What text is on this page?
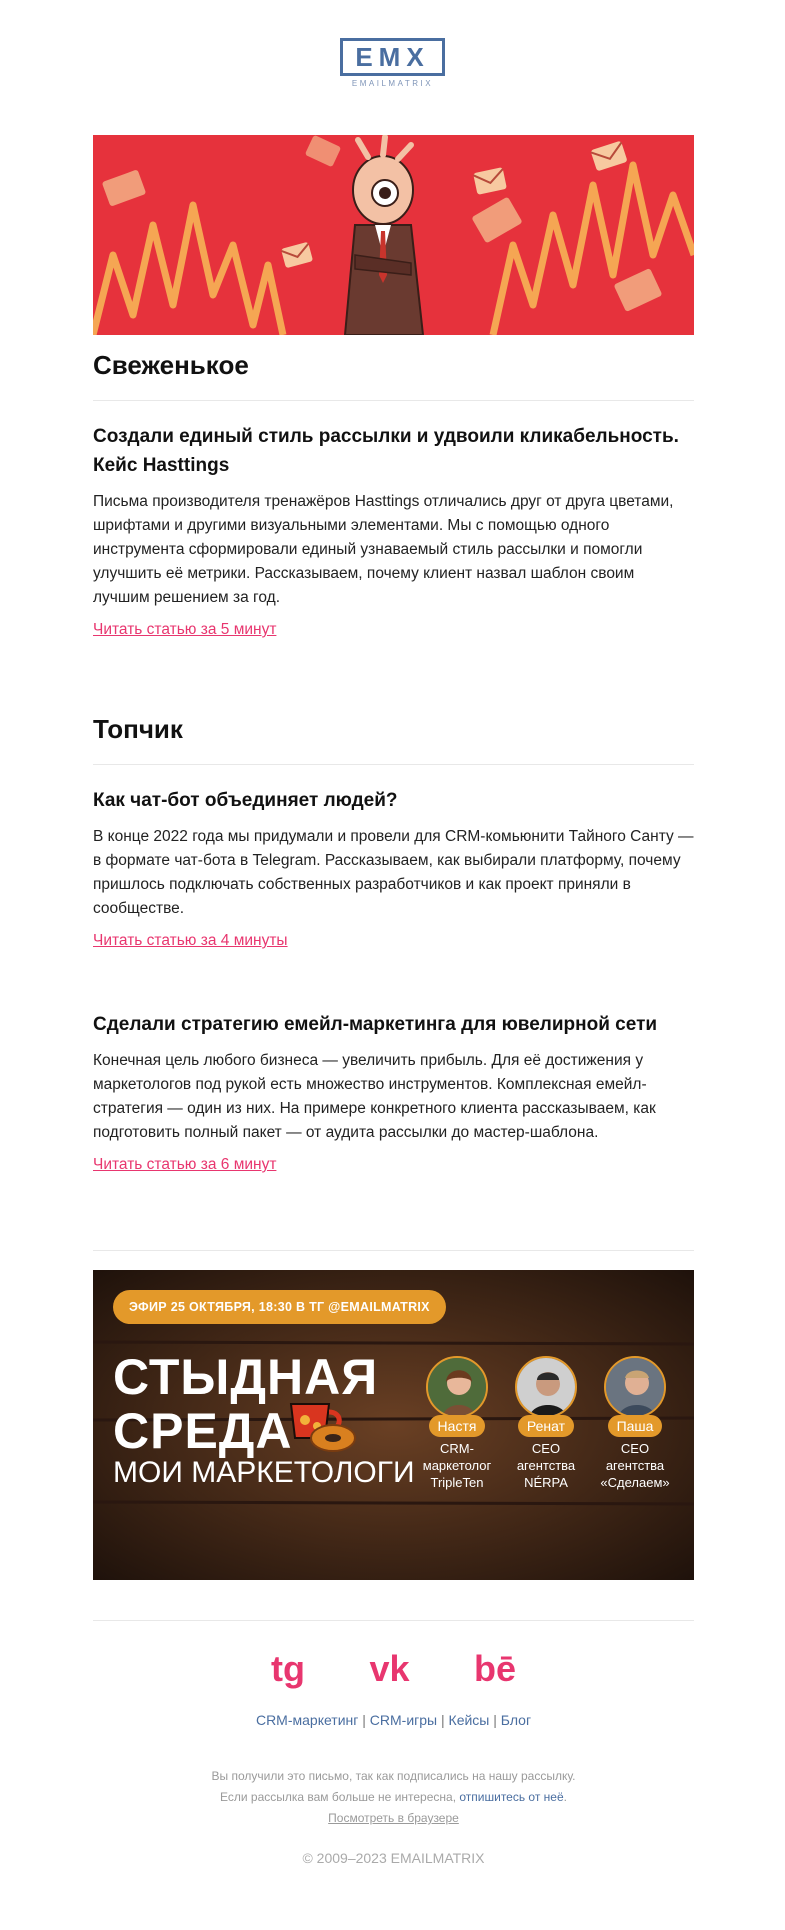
EMX
EMAILMATRIX
Свеженькое
Создали единый стиль рассылки и удвоили кликабельность. Кейс Hasttings

Письма производителя тренажёров Hasttings отличались друг от друга цветами, шрифтами и другими визуальными элементами. Мы с помощью одного инструмента сформировали единый узнаваемый стиль рассылки и помогли улучшить её метрики. Рассказываем, почему клиент назвал шаблон своим лучшим решением за год.

Читать статью за 5 минут
Топчик
Как чат-бот объединяет людей?

В конце 2022 года мы придумали и провели для CRM-комьюнити Тайного Санту — в формате чат-бота в Telegram. Рассказываем, как выбирали платформу, почему пришлось подключать собственных разработчиков и как проект приняли в сообществе.

Читать статью за 4 минуты
Сделали стратегию емейл-маркетинга для ювелирной сети

Конечная цель любого бизнеса — увеличить прибыль. Для её достижения у маркетологов под рукой есть множество инструментов. Комплексная емейл-стратегия — один из них. На примере конкретного клиента рассказываем, как подготовить полный пакет — от аудита рассылки до мастер-шаблона.

Читать статью за 6 минут
ЭФИР 25 ОКТЯБРЯ, 18:30 В ТГ @EMAILMATRIX
СТЫДНАЯ
СРЕДА
МОИ МАРКЕТОЛОГИ
Настя
CRM-
маркетолог
TripleTen
Ренат
CEO
агентства
NÉRPA
Паша
CEO
агентства
«Сделаем»
tg vk bē
CRM-маркетинг | CRM-игры | Кейсы | Блог
Вы получили это письмо, так как подписались на нашу рассылку.
Если рассылка вам больше не интересна, отпишитесь от неё.
Посмотреть в браузере
© 2009–2023 EMAILMATRIX
